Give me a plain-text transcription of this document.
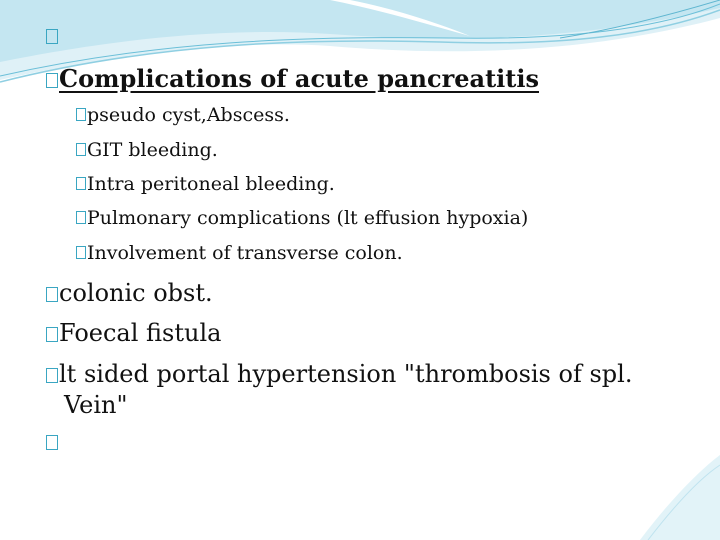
Complications of acute pancreatitis
pseudo cyst,Abscess.
GIT bleeding.
Intra peritoneal bleeding.
Pulmonary complications (lt effusion hypoxia)
Involvement of transverse colon.
colonic obst.
Foecal fistula
lt sided portal hypertension "thrombosis of spl.
Vein"
